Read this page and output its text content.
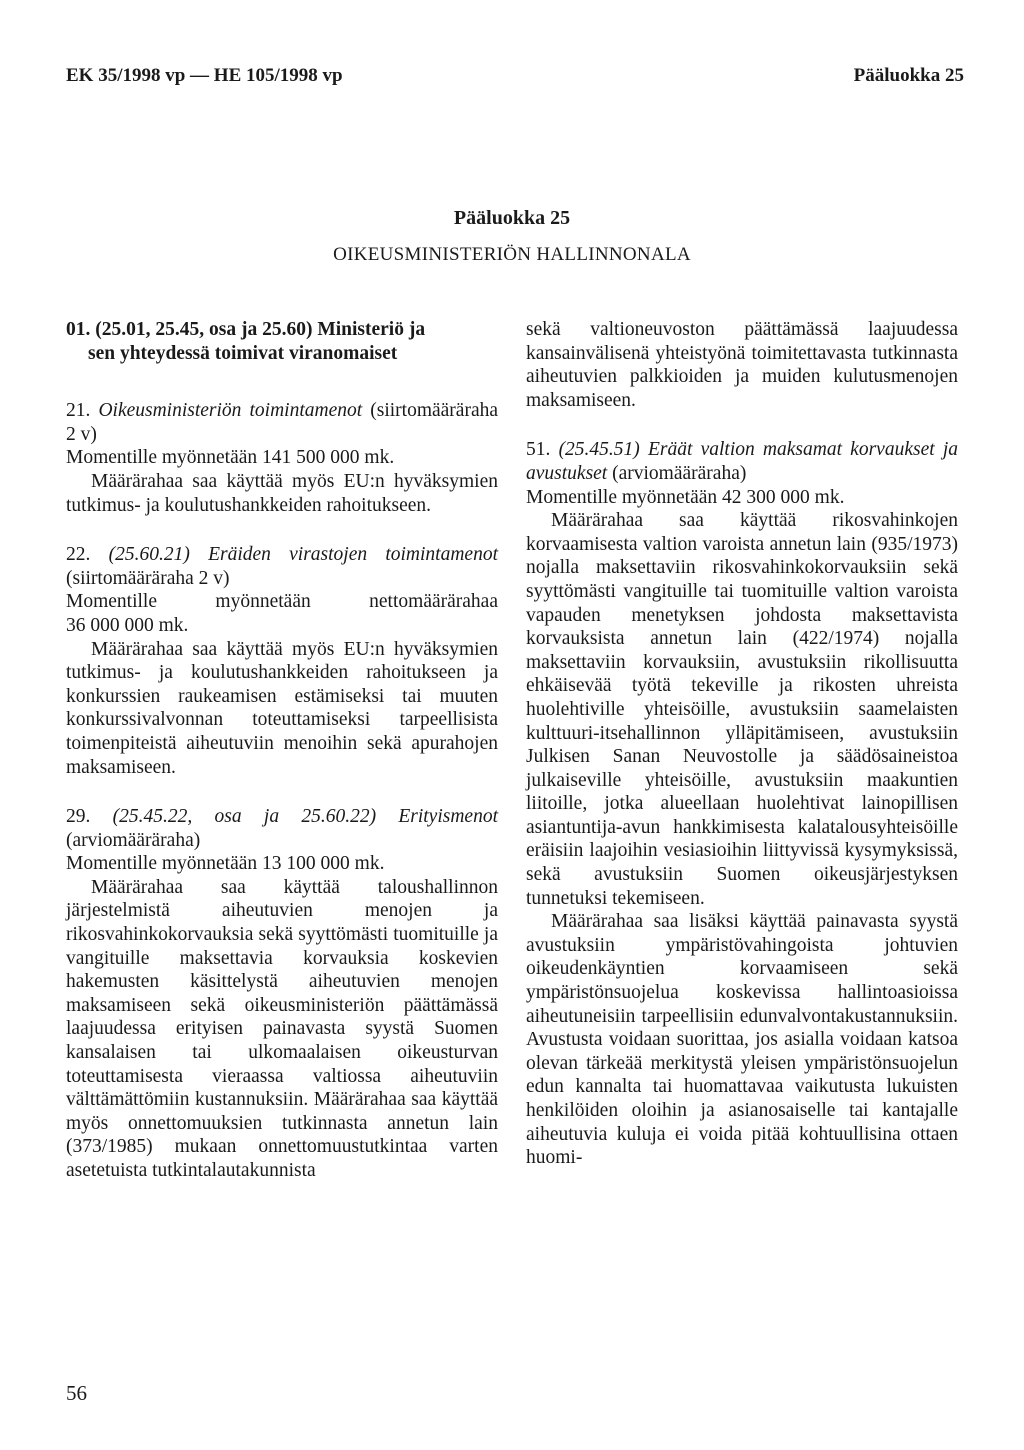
EK 35/1998 vp — HE 105/1998 vp	Pääluokka 25
Pääluokka 25
OIKEUSMINISTERIÖN HALLINNONALA

01. (25.01, 25.45, osa ja 25.60) Ministeriö ja
sen yhteydessä toimivat viranomaiset

21. Oikeusministeriön toimintamenot (siirtomääräraha 2 v)

Momentille myönnetään 141 500 000 mk.

Määrärahaa saa käyttää myös EU:n hyväksymien tutkimus- ja koulutushankkeiden rahoitukseen.

22. (25.60.21) Eräiden virastojen toimintamenot (siirtomääräraha 2 v)

Momentille	myönnetään	nettomäärärahaa

36 000 000 mk.

Määrärahaa saa käyttää myös EU:n hyväksymien tutkimus- ja koulutushankkeiden rahoitukseen ja konkurssien raukeamisen estämiseksi tai muuten konkurssivalvonnan toteuttamiseksi tarpeellisista toimenpiteistä aiheutuviin menoihin sekä apurahojen maksamiseen.

29. (25.45.22, osa ja 25.60.22) Erityismenot (arviomääräraha)

Momentille myönnetään 13 100 000 mk.

Määrärahaa saa käyttää taloushallinnon järjestelmistä aiheutuvien menojen ja rikosvahinkokorvauksia sekä syyttömästi tuomituille ja vangituille maksettavia korvauksia koskevien hakemusten käsittelystä aiheutuvien menojen maksamiseen sekä oikeusministeriön päättämässä laajuudessa erityisen painavasta syystä Suomen kansalaisen tai ulkomaalaisen oikeusturvan toteuttamisesta vieraassa valtiossa aiheutuviin välttämättömiin kustannuksiin. Määrärahaa saa käyttää myös onnettomuuksien tutkinnasta annetun lain (373/1985) mukaan onnettomuustutkintaa varten asetetuista tutkintalautakunnista

sekä valtioneuvoston päättämässä laajuudessa kansainvälisenä yhteistyönä toimitettavasta tutkinnasta aiheutuvien palkkioiden ja muiden kulutusmenojen maksamiseen.

51. (25.45.51) Eräät valtion maksamat korvaukset ja avustukset (arviomääräraha)

Momentille myönnetään 42 300 000 mk.

Määrärahaa saa käyttää rikosvahinkojen korvaamisesta valtion varoista annetun lain (935/1973) nojalla maksettaviin rikosvahinkokorvauksiin sekä syyttömästi vangituille tai tuomituille valtion varoista vapauden menetyksen johdosta maksettavista korvauksista annetun lain (422/1974) nojalla maksettaviin korvauksiin, avustuksiin rikollisuutta ehkäisevää työtä tekeville ja rikosten uhreista huolehtiville yhteisöille, avustuksiin saamelaisten kulttuuri-itsehallinnon ylläpitämiseen, avustuksiin Julkisen Sanan Neuvostolle ja säädösaineistoa julkaiseville yhteisöille, avustuksiin maakuntien liitoille, jotka alueellaan huolehtivat lainopillisen asiantuntija-avun hankkimisesta kalatalousyhteisöille eräisiin laajoihin vesiasioihin liittyvissä kysymyksissä, sekä avustuksiin Suomen oikeusjärjestyksen tunnetuksi tekemiseen.

Määrärahaa saa lisäksi käyttää painavasta syystä avustuksiin ympäristövahingoista johtuvien oikeudenkäyntien korvaamiseen sekä ympäristönsuojelua koskevissa hallintoasioissa aiheutuneisiin tarpeellisiin edunvalvontakustannuksiin. Avustusta voidaan suorittaa, jos asialla voidaan katsoa olevan tärkeää merkitystä yleisen ympäristönsuojelun edun kannalta tai huomattavaa vaikutusta lukuisten henkilöiden oloihin ja asianosaiselle tai kantajalle aiheutuvia kuluja ei voida pitää kohtuullisina ottaen huomi-

56
